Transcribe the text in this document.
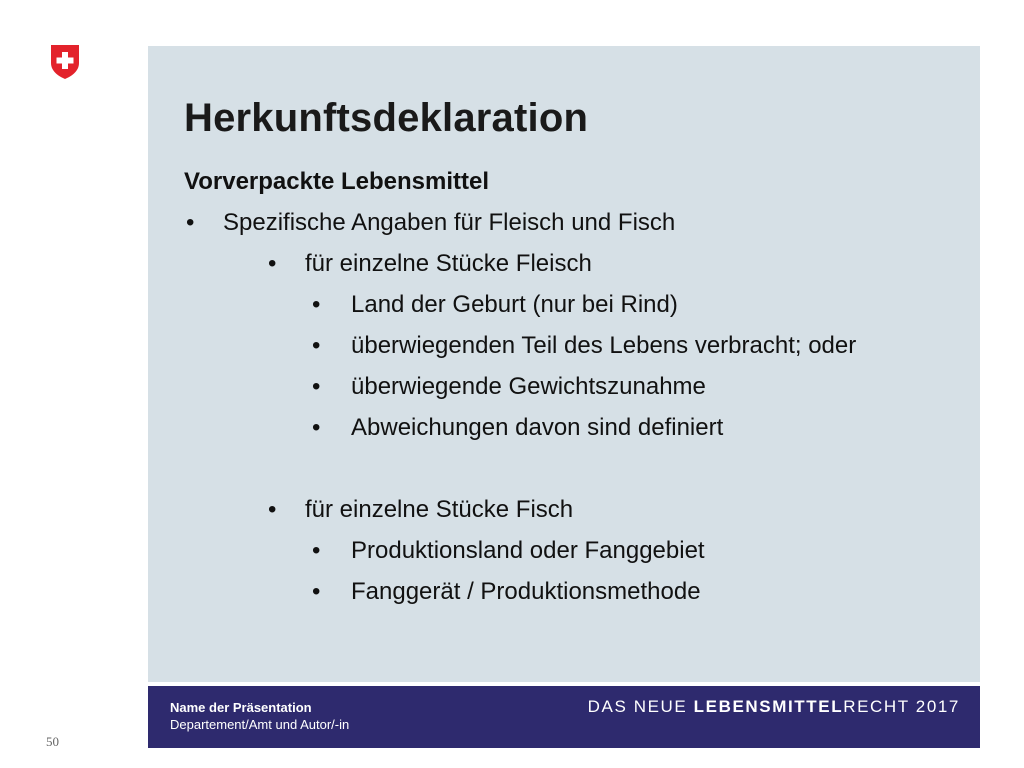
Herkunftsdeklaration
Vorverpackte Lebensmittel
• Spezifische Angaben für Fleisch und Fisch
• für einzelne Stücke Fleisch
• Land der Geburt (nur bei Rind)
• überwiegenden Teil des Lebens verbracht; oder
• überwiegende Gewichtszunahme
• Abweichungen davon sind definiert
• für einzelne Stücke Fisch
• Produktionsland oder Fanggebiet
• Fanggerät / Produktionsmethode
Name der Präsentation
Departement/Amt und Autor/-in
DAS NEUE LEBENSMITTELRECHT 2017
50
